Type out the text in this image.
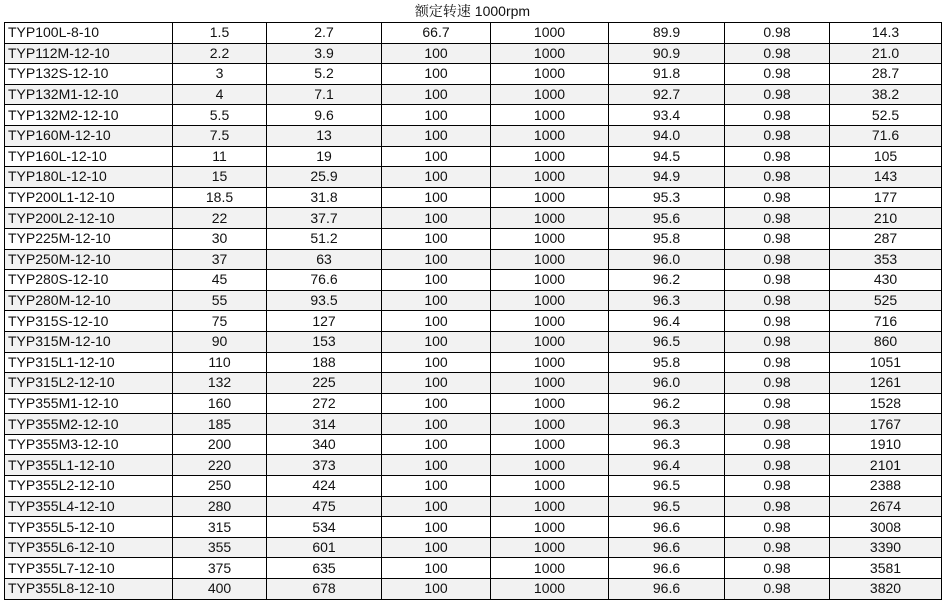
额定转速 1000rpm
TYP100L-8-10	1.5	2.7	66.7	1000	89.9	0.98	14.3
TYP112M-12-10	2.2	3.9	100	1000	90.9	0.98	21.0
TYP132S-12-10	3	5.2	100	1000	91.8	0.98	28.7
TYP132M1-12-10	4	7.1	100	1000	92.7	0.98	38.2
TYP132M2-12-10	5.5	9.6	100	1000	93.4	0.98	52.5
TYP160M-12-10	7.5	13	100	1000	94.0	0.98	71.6
TYP160L-12-10	11	19	100	1000	94.5	0.98	105
TYP180L-12-10	15	25.9	100	1000	94.9	0.98	143
TYP200L1-12-10	18.5	31.8	100	1000	95.3	0.98	177
TYP200L2-12-10	22	37.7	100	1000	95.6	0.98	210
TYP225M-12-10	30	51.2	100	1000	95.8	0.98	287
TYP250M-12-10	37	63	100	1000	96.0	0.98	353
TYP280S-12-10	45	76.6	100	1000	96.2	0.98	430
TYP280M-12-10	55	93.5	100	1000	96.3	0.98	525
TYP315S-12-10	75	127	100	1000	96.4	0.98	716
TYP315M-12-10	90	153	100	1000	96.5	0.98	860
TYP315L1-12-10	110	188	100	1000	95.8	0.98	1051
TYP315L2-12-10	132	225	100	1000	96.0	0.98	1261
TYP355M1-12-10	160	272	100	1000	96.2	0.98	1528
TYP355M2-12-10	185	314	100	1000	96.3	0.98	1767
TYP355M3-12-10	200	340	100	1000	96.3	0.98	1910
TYP355L1-12-10	220	373	100	1000	96.4	0.98	2101
TYP355L2-12-10	250	424	100	1000	96.5	0.98	2388
TYP355L4-12-10	280	475	100	1000	96.5	0.98	2674
TYP355L5-12-10	315	534	100	1000	96.6	0.98	3008
TYP355L6-12-10	355	601	100	1000	96.6	0.98	3390
TYP355L7-12-10	375	635	100	1000	96.6	0.98	3581
TYP355L8-12-10	400	678	100	1000	96.6	0.98	3820
